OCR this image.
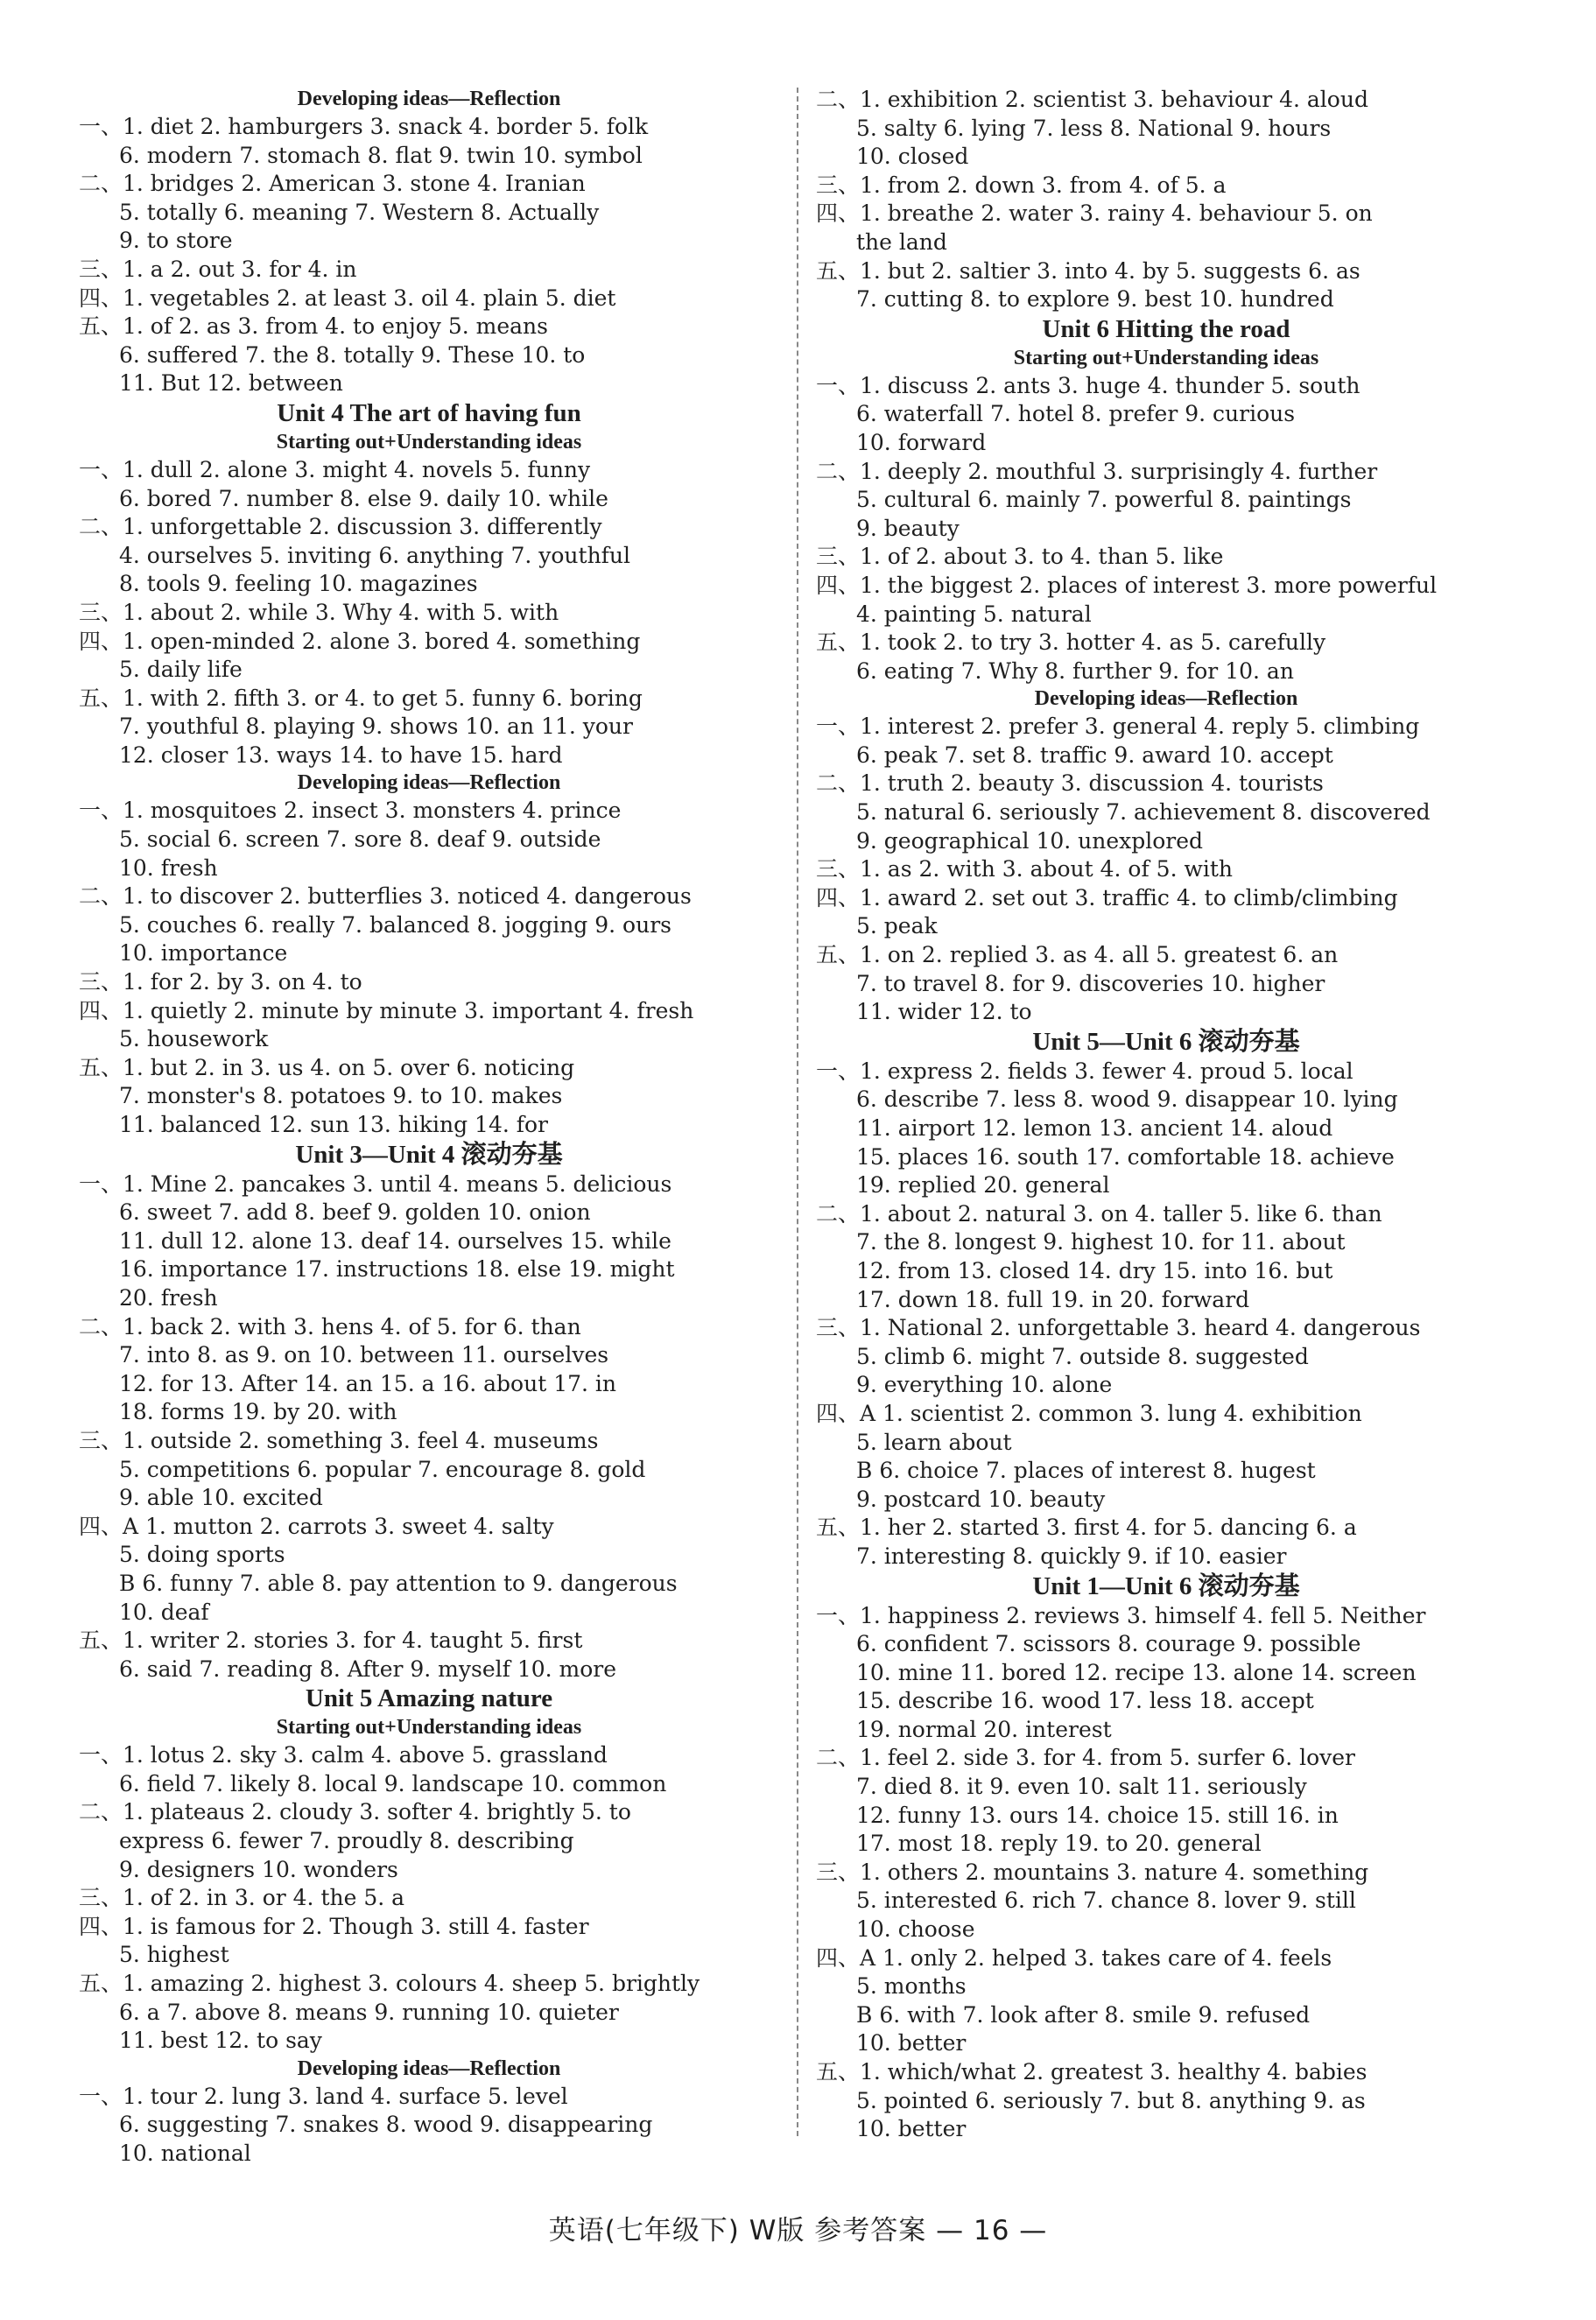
Developing ideas—Reflection
一、1. diet 2. hamburgers 3. snack 4. border 5. folk
6. modern 7. stomach 8. flat 9. twin 10. symbol
二、1. bridges 2. American 3. stone 4. Iranian
5. totally 6. meaning 7. Western 8. Actually
9. to store
三、1. a 2. out 3. for 4. in
四、1. vegetables 2. at least 3. oil 4. plain 5. diet
五、1. of 2. as 3. from 4. to enjoy 5. means
6. suffered 7. the 8. totally 9. These 10. to
11. But 12. between
Unit 4 The art of having fun
Starting out+Understanding ideas
一、1. dull 2. alone 3. might 4. novels 5. funny
6. bored 7. number 8. else 9. daily 10. while
二、1. unforgettable 2. discussion 3. differently
4. ourselves 5. inviting 6. anything 7. youthful
8. tools 9. feeling 10. magazines
三、1. about 2. while 3. Why 4. with 5. with
四、1. open-minded 2. alone 3. bored 4. something
5. daily life
五、1. with 2. fifth 3. or 4. to get 5. funny 6. boring
7. youthful 8. playing 9. shows 10. an 11. your
12. closer 13. ways 14. to have 15. hard
Developing ideas—Reflection
一、1. mosquitoes 2. insect 3. monsters 4. prince
5. social 6. screen 7. sore 8. deaf 9. outside
10. fresh
二、1. to discover 2. butterflies 3. noticed 4. dangerous
5. couches 6. really 7. balanced 8. jogging 9. ours
10. importance
三、1. for 2. by 3. on 4. to
四、1. quietly 2. minute by minute 3. important 4. fresh
5. housework
五、1. but 2. in 3. us 4. on 5. over 6. noticing
7. monster's 8. potatoes 9. to 10. makes
11. balanced 12. sun 13. hiking 14. for
Unit 3—Unit 4 滚动夯基
一、1. Mine 2. pancakes 3. until 4. means 5. delicious
6. sweet 7. add 8. beef 9. golden 10. onion
11. dull 12. alone 13. deaf 14. ourselves 15. while
16. importance 17. instructions 18. else 19. might
20. fresh
二、1. back 2. with 3. hens 4. of 5. for 6. than
7. into 8. as 9. on 10. between 11. ourselves
12. for 13. After 14. an 15. a 16. about 17. in
18. forms 19. by 20. with
三、1. outside 2. something 3. feel 4. museums
5. competitions 6. popular 7. encourage 8. gold
9. able 10. excited
四、A 1. mutton 2. carrots 3. sweet 4. salty
5. doing sports
B 6. funny 7. able 8. pay attention to 9. dangerous
10. deaf
五、1. writer 2. stories 3. for 4. taught 5. first
6. said 7. reading 8. After 9. myself 10. more
Unit 5 Amazing nature
Starting out+Understanding ideas
一、1. lotus 2. sky 3. calm 4. above 5. grassland
6. field 7. likely 8. local 9. landscape 10. common
二、1. plateaus 2. cloudy 3. softer 4. brightly 5. to
express 6. fewer 7. proudly 8. describing
9. designers 10. wonders
三、1. of 2. in 3. or 4. the 5. a
四、1. is famous for 2. Though 3. still 4. faster
5. highest
五、1. amazing 2. highest 3. colours 4. sheep 5. brightly
6. a 7. above 8. means 9. running 10. quieter
11. best 12. to say
Developing ideas—Reflection
一、1. tour 2. lung 3. land 4. surface 5. level
6. suggesting 7. snakes 8. wood 9. disappearing
10. national
二、1. exhibition 2. scientist 3. behaviour 4. aloud
5. salty 6. lying 7. less 8. National 9. hours
10. closed
三、1. from 2. down 3. from 4. of 5. a
四、1. breathe 2. water 3. rainy 4. behaviour 5. on
the land
五、1. but 2. saltier 3. into 4. by 5. suggests 6. as
7. cutting 8. to explore 9. best 10. hundred
Unit 6 Hitting the road
Starting out+Understanding ideas
一、1. discuss 2. ants 3. huge 4. thunder 5. south
6. waterfall 7. hotel 8. prefer 9. curious
10. forward
二、1. deeply 2. mouthful 3. surprisingly 4. further
5. cultural 6. mainly 7. powerful 8. paintings
9. beauty
三、1. of 2. about 3. to 4. than 5. like
四、1. the biggest 2. places of interest 3. more powerful
4. painting 5. natural
五、1. took 2. to try 3. hotter 4. as 5. carefully
6. eating 7. Why 8. further 9. for 10. an
Developing ideas—Reflection
一、1. interest 2. prefer 3. general 4. reply 5. climbing
6. peak 7. set 8. traffic 9. award 10. accept
二、1. truth 2. beauty 3. discussion 4. tourists
5. natural 6. seriously 7. achievement 8. discovered
9. geographical 10. unexplored
三、1. as 2. with 3. about 4. of 5. with
四、1. award 2. set out 3. traffic 4. to climb/climbing
5. peak
五、1. on 2. replied 3. as 4. all 5. greatest 6. an
7. to travel 8. for 9. discoveries 10. higher
11. wider 12. to
Unit 5—Unit 6 滚动夯基
一、1. express 2. fields 3. fewer 4. proud 5. local
6. describe 7. less 8. wood 9. disappear 10. lying
11. airport 12. lemon 13. ancient 14. aloud
15. places 16. south 17. comfortable 18. achieve
19. replied 20. general
二、1. about 2. natural 3. on 4. taller 5. like 6. than
7. the 8. longest 9. highest 10. for 11. about
12. from 13. closed 14. dry 15. into 16. but
17. down 18. full 19. in 20. forward
三、1. National 2. unforgettable 3. heard 4. dangerous
5. climb 6. might 7. outside 8. suggested
9. everything 10. alone
四、A 1. scientist 2. common 3. lung 4. exhibition
5. learn about
B 6. choice 7. places of interest 8. hugest
9. postcard 10. beauty
五、1. her 2. started 3. first 4. for 5. dancing 6. a
7. interesting 8. quickly 9. if 10. easier
Unit 1—Unit 6 滚动夯基
一、1. happiness 2. reviews 3. himself 4. fell 5. Neither
6. confident 7. scissors 8. courage 9. possible
10. mine 11. bored 12. recipe 13. alone 14. screen
15. describe 16. wood 17. less 18. accept
19. normal 20. interest
二、1. feel 2. side 3. for 4. from 5. surfer 6. lover
7. died 8. it 9. even 10. salt 11. seriously
12. funny 13. ours 14. choice 15. still 16. in
17. most 18. reply 19. to 20. general
三、1. others 2. mountains 3. nature 4. something
5. interested 6. rich 7. chance 8. lover 9. still
10. choose
四、A 1. only 2. helped 3. takes care of 4. feels
5. months
B 6. with 7. look after 8. smile 9. refused
10. better
五、1. which/what 2. greatest 3. healthy 4. babies
5. pointed 6. seriously 7. but 8. anything 9. as
10. better
英语(七年级下) W版 参考答案 — 16 —
